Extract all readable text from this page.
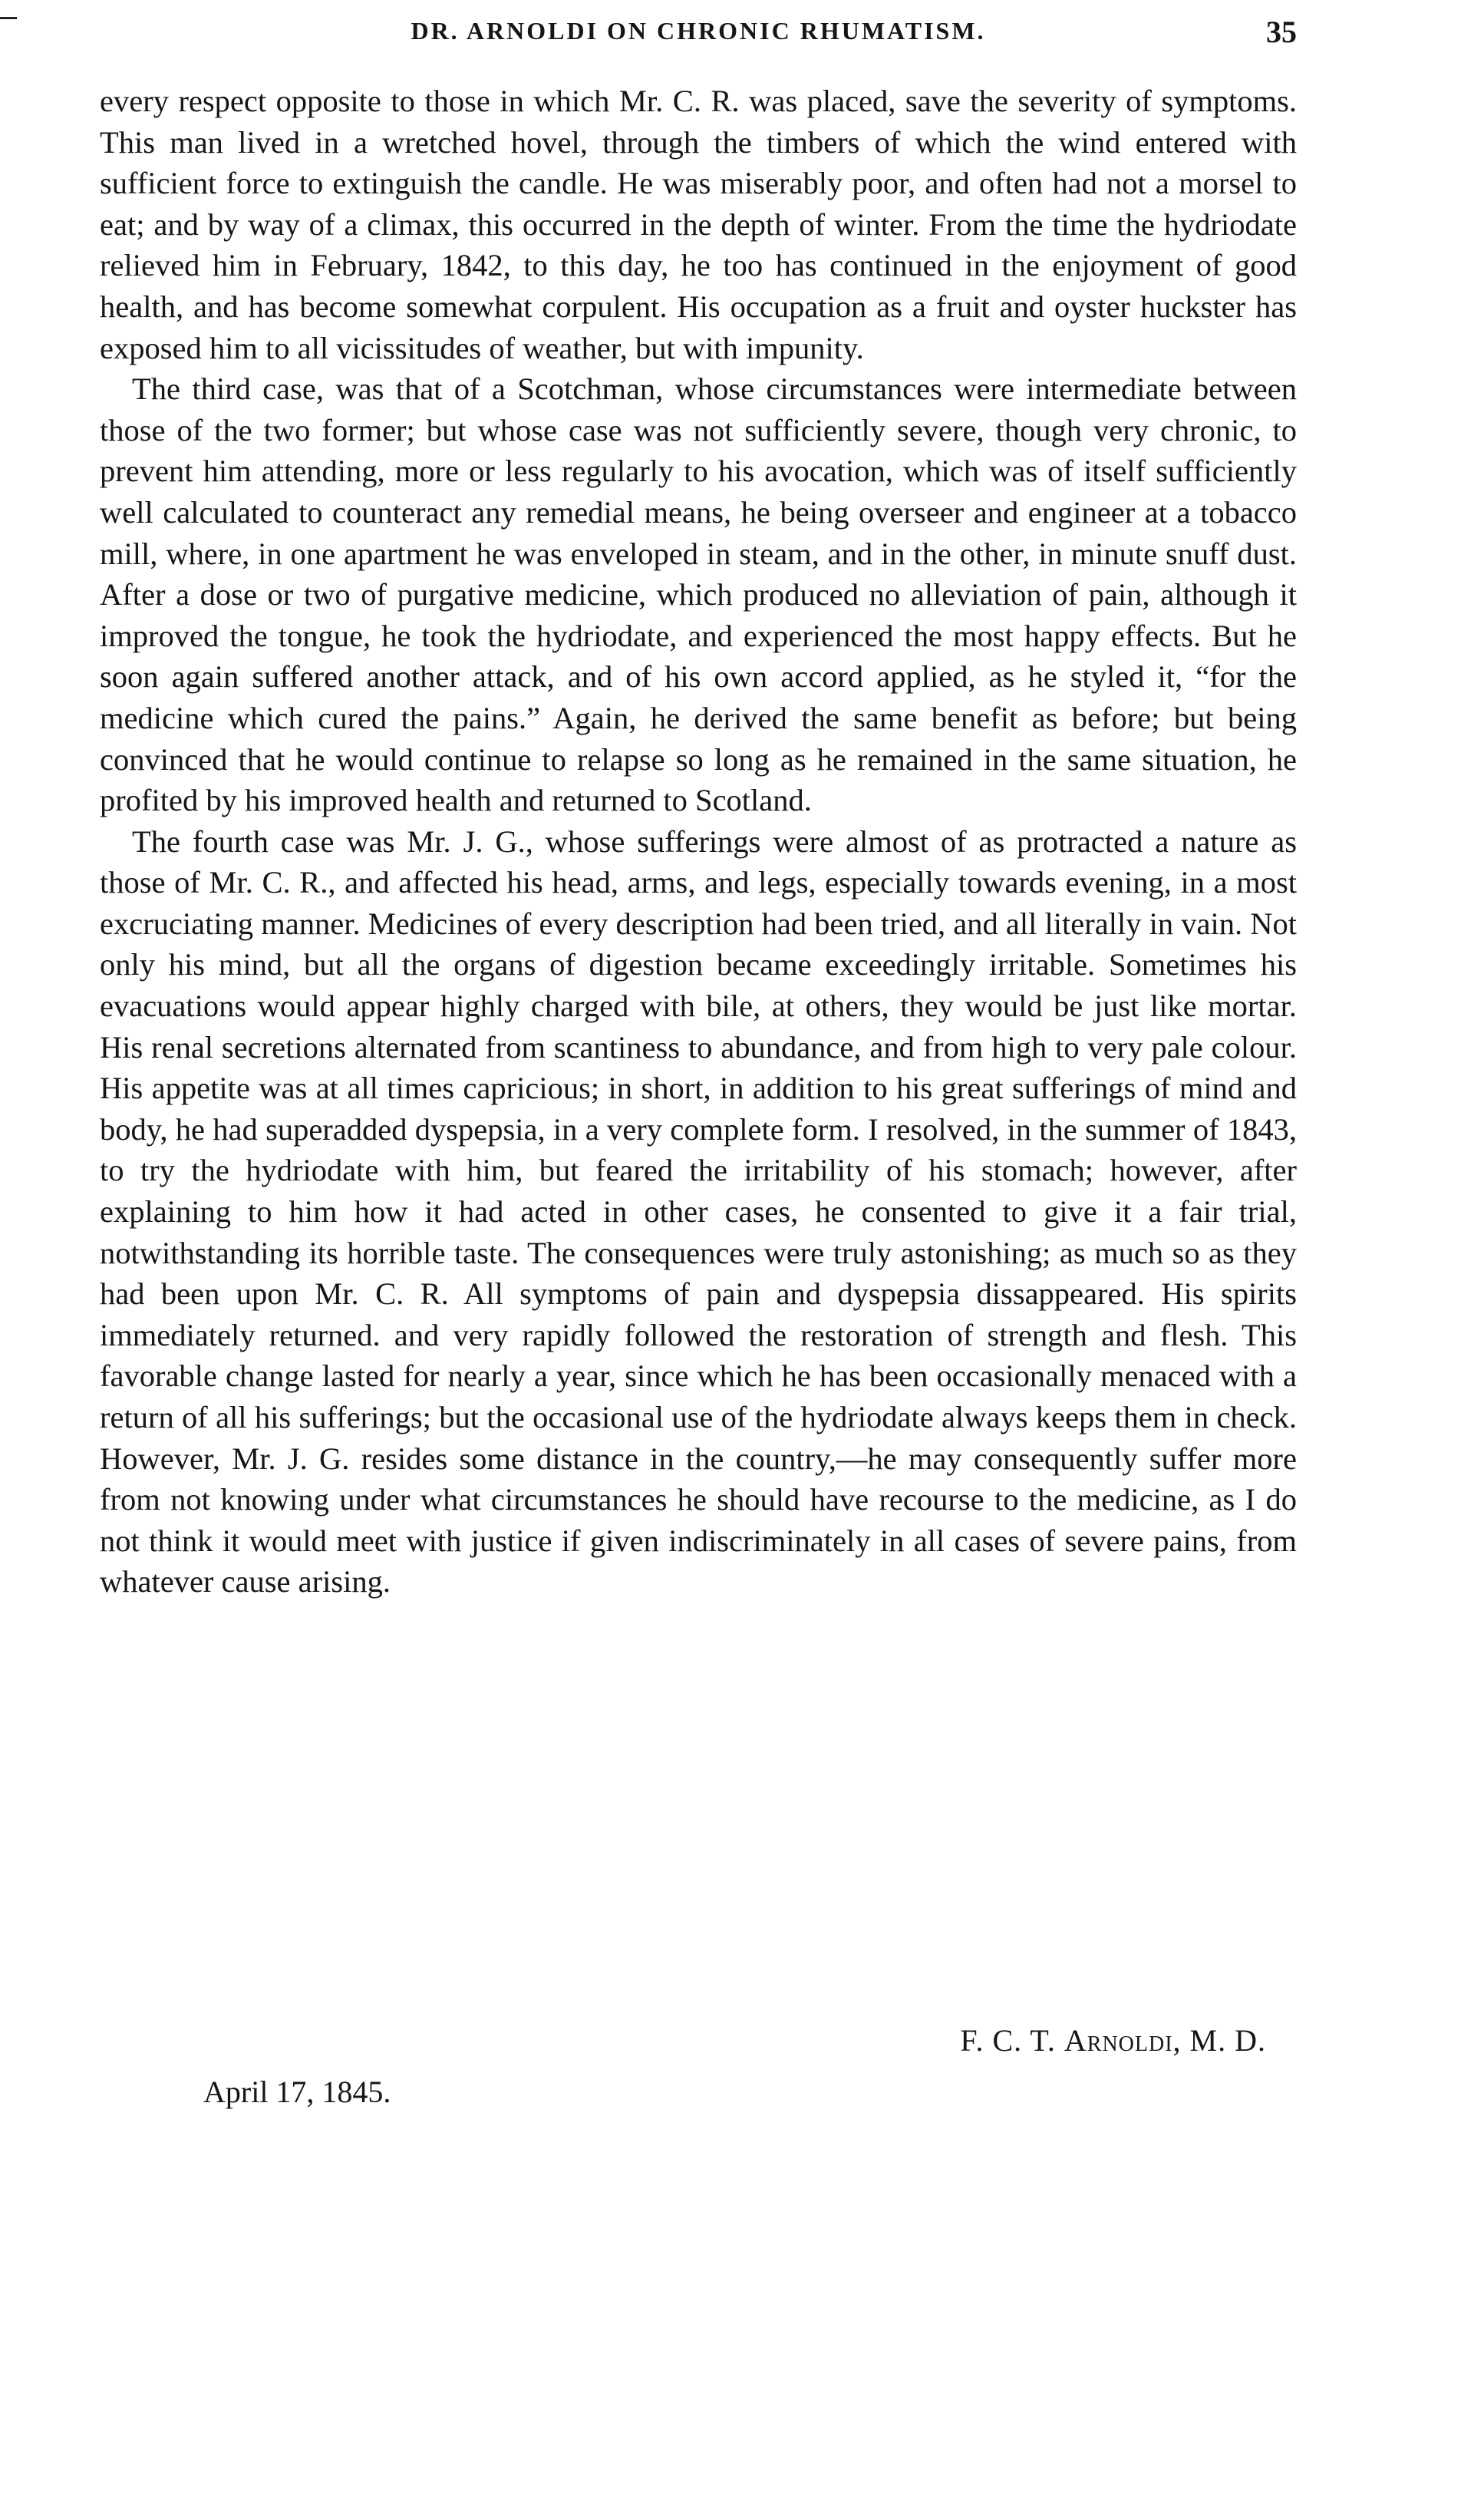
DR. ARNOLDI ON CHRONIC RHUMATISM.	35

every respect opposite to those in which Mr. C. R. was placed, save the severity of symptoms. This man lived in a wretched hovel, through the timbers of which the wind entered with sufficient force to extinguish the candle. He was miserably poor, and often had not a morsel to eat; and by way of a climax, this occurred in the depth of winter. From the time the hydriodate relieved him in February, 1842, to this day, he too has continued in the enjoyment of good health, and has become somewhat corpulent. His occupation as a fruit and oyster huckster has exposed him to all vicissitudes of weather, but with impunity.

The third case, was that of a Scotchman, whose circumstances were intermediate between those of the two former; but whose case was not sufficiently severe, though very chronic, to prevent him attending, more or less regularly to his avocation, which was of itself sufficiently well calculated to counteract any remedial means, he being overseer and engineer at a tobacco mill, where, in one apartment he was enveloped in steam, and in the other, in minute snuff dust. After a dose or two of purgative medicine, which produced no alleviation of pain, although it improved the tongue, he took the hydriodate, and experienced the most happy effects. But he soon again suffered another attack, and of his own accord applied, as he styled it, “for the medicine which cured the pains.” Again, he derived the same benefit as before; but being convinced that he would continue to relapse so long as he remained in the same situation, he profited by his improved health and returned to Scotland.

The fourth case was Mr. J. G., whose sufferings were almost of as protracted a nature as those of Mr. C. R., and affected his head, arms, and legs, especially towards evening, in a most excruciating manner. Medicines of every description had been tried, and all literally in vain. Not only his mind, but all the organs of digestion became exceedingly irritable. Sometimes his evacuations would appear highly charged with bile, at others, they would be just like mortar. His renal secretions alternated from scantiness to abundance, and from high to very pale colour. His appetite was at all times capricious; in short, in addition to his great sufferings of mind and body, he had superadded dyspepsia, in a very complete form. I resolved, in the summer of 1843, to try the hydriodate with him, but feared the irritability of his stomach; however, after explaining to him how it had acted in other cases, he consented to give it a fair trial, notwithstanding its horrible taste. The consequences were truly astonishing; as much so as they had been upon Mr. C. R. All symptoms of pain and dyspepsia dissappeared. His spirits immediately returned. and very rapidly followed the restoration of strength and flesh. This favorable change lasted for nearly a year, since which he has been occasionally menaced with a return of all his sufferings; but the occasional use of the hydriodate always keeps them in check. However, Mr. J. G. resides some distance in the country,—he may consequently suffer more from not knowing under what circumstances he should have recourse to the medicine, as I do not think it would meet with justice if given indiscriminately in all cases of severe pains, from whatever cause arising.

F. C. T. Arnoldi, M. D.
April 17, 1845.
